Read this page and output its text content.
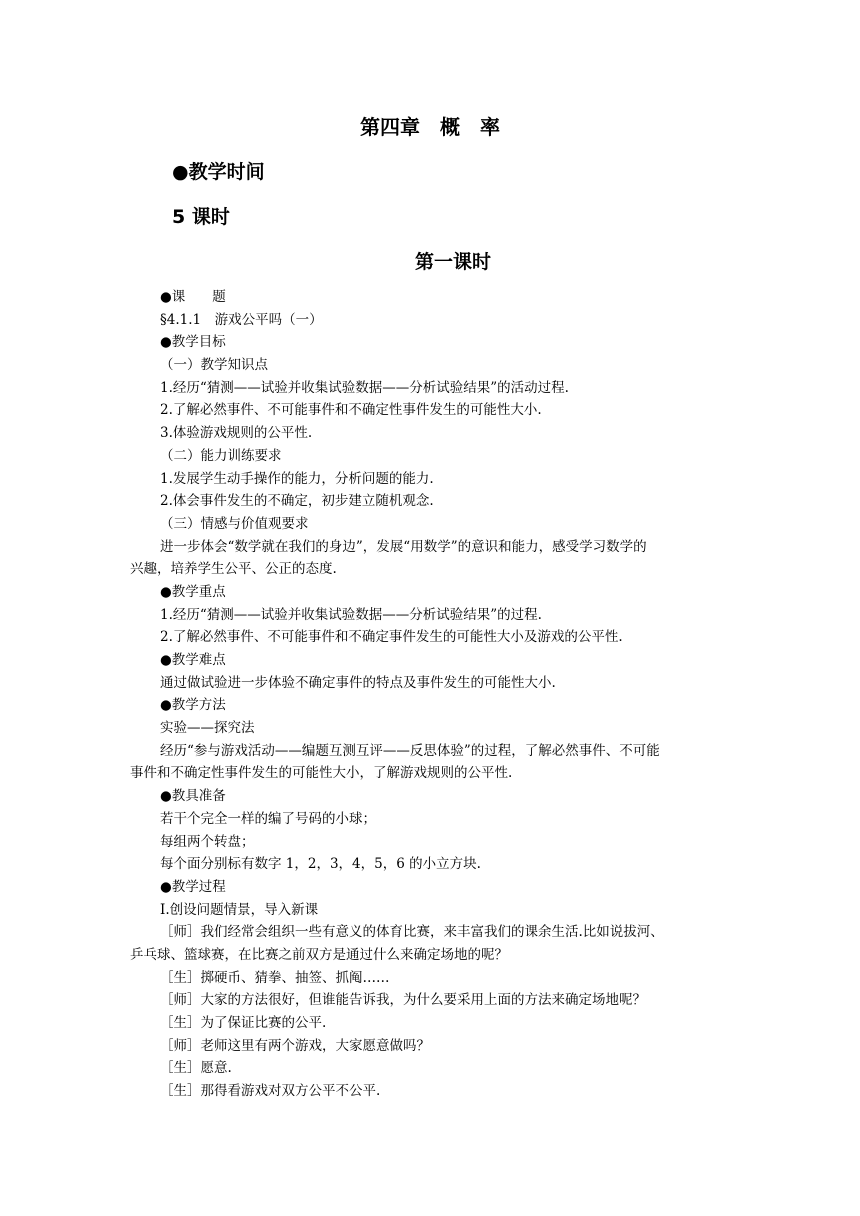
第四章　概　率
●教学时间
5 课时
第一课时
●课　　题
§4.1.1　游戏公平吗（一）
●教学目标
（一）教学知识点
1.经历“猜测——试验并收集试验数据——分析试验结果”的活动过程.
2.了解必然事件、不可能事件和不确定性事件发生的可能性大小.
3.体验游戏规则的公平性.
（二）能力训练要求
1.发展学生动手操作的能力，分析问题的能力.
2.体会事件发生的不确定，初步建立随机观念.
（三）情感与价值观要求
进一步体会“数学就在我们的身边”，发展“用数学”的意识和能力，感受学习数学的
兴趣，培养学生公平、公正的态度.
●教学重点
1.经历“猜测——试验并收集试验数据——分析试验结果”的过程.
2.了解必然事件、不可能事件和不确定事件发生的可能性大小及游戏的公平性.
●教学难点
通过做试验进一步体验不确定事件的特点及事件发生的可能性大小.
●教学方法
实验——探究法
经历“参与游戏活动——编题互测互评——反思体验”的过程，了解必然事件、不可能
事件和不确定性事件发生的可能性大小，了解游戏规则的公平性.
●教具准备
若干个完全一样的编了号码的小球；
每组两个转盘；
每个面分别标有数字 1，2，3，4，5，6 的小立方块.
●教学过程
Ⅰ.创设问题情景，导入新课
［师］我们经常会组织一些有意义的体育比赛，来丰富我们的课余生活.比如说拔河、
乒乓球、篮球赛，在比赛之前双方是通过什么来确定场地的呢？
［生］掷硬币、猜拳、抽签、抓阄……
［师］大家的方法很好，但谁能告诉我，为什么要采用上面的方法来确定场地呢？
［生］为了保证比赛的公平.
［师］老师这里有两个游戏，大家愿意做吗？
［生］愿意.
［生］那得看游戏对双方公平不公平.
